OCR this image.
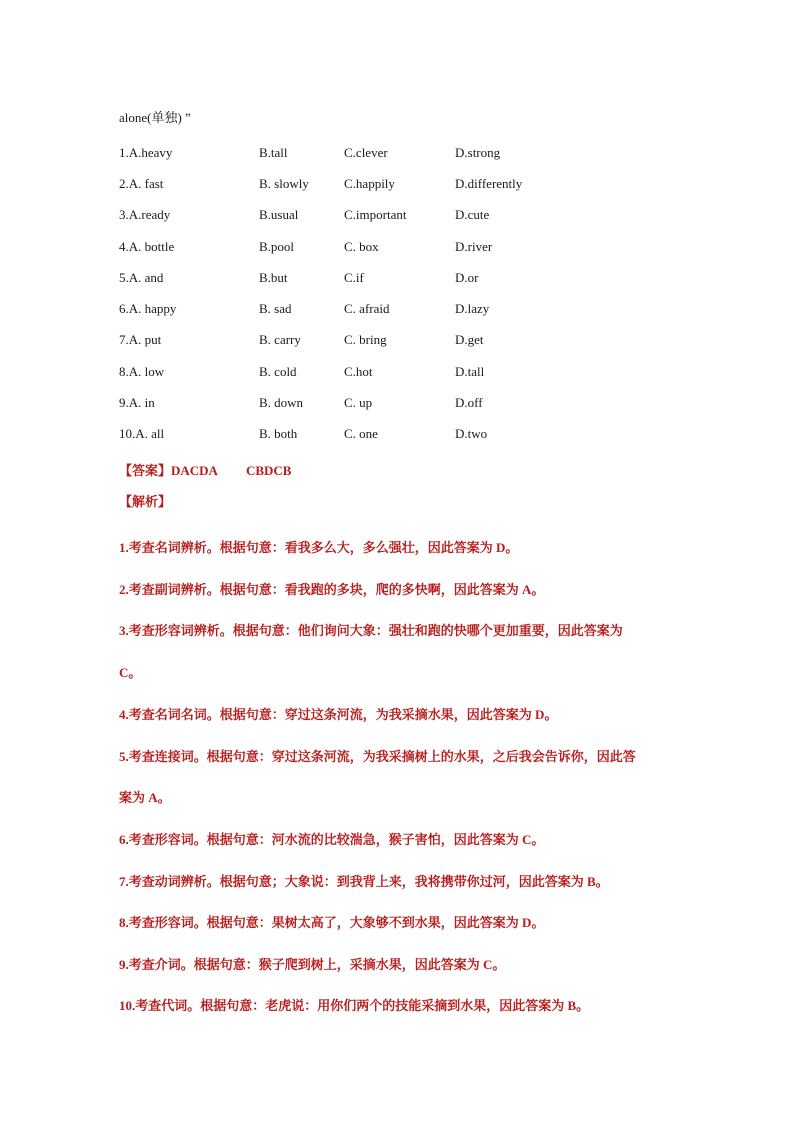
alone(单独) ”
1.A.heavy	B.tall	C.clever	D.strong
2.A. fast	B. slowly	C.happily	D.differently
3.A.ready	B.usual	C.important	D.cute
4.A. bottle	B.pool	C. box	D.river
5.A. and	B.but	C.if	D.or
6.A. happy	B. sad	C. afraid	D.lazy
7.A. put	B. carry	C. bring	D.get
8.A. low	B. cold	C.hot	D.tall
9.A. in	B. down	C. up	D.off
10.A. all	B. both	C. one	D.two
【答案】DACDA CBDCB
【解析】
1.考查名词辨析。根据句意：看我多么大，多么强壮，因此答案为 D。
2.考查副词辨析。根据句意：看我跑的多块，爬的多快啊，因此答案为 A。
3.考查形容词辨析。根据句意：他们询问大象：强壮和跑的快哪个更加重要，因此答案为
C。
4.考查名词名词。根据句意：穿过这条河流，为我采摘水果，因此答案为 D。
5.考查连接词。根据句意：穿过这条河流，为我采摘树上的水果，之后我会告诉你，因此答
案为 A。
6.考查形容词。根据句意：河水流的比较湍急，猴子害怕，因此答案为 C。
7.考查动词辨析。根据句意；大象说：到我背上来，我将携带你过河，因此答案为 B。
8.考查形容词。根据句意：果树太高了，大象够不到水果，因此答案为 D。
9.考查介词。根据句意：猴子爬到树上，采摘水果，因此答案为 C。
10.考查代词。根据句意：老虎说：用你们两个的技能采摘到水果，因此答案为 B。
